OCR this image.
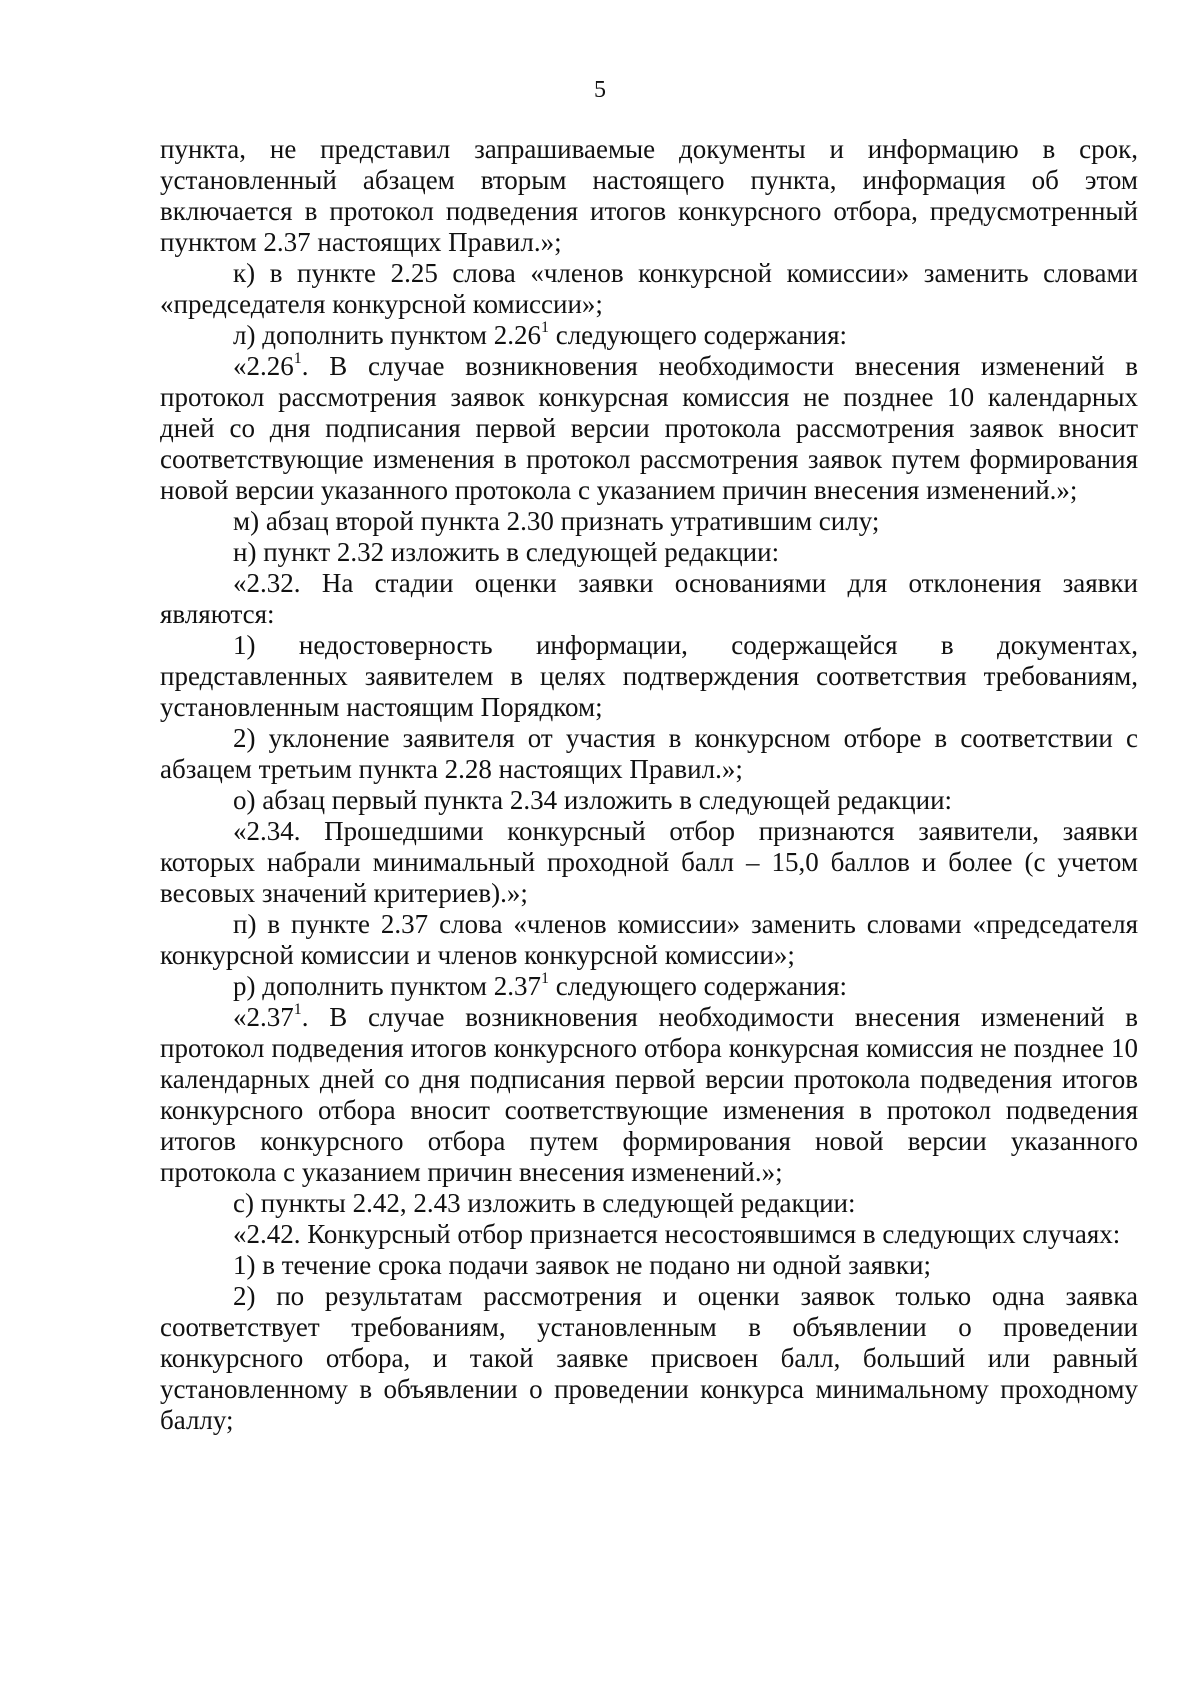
5

пункта, не представил запрашиваемые документы и информацию в срок, установленный абзацем вторым настоящего пункта, информация об этом включается в протокол подведения итогов конкурсного отбора, предусмотренный пунктом 2.37 настоящих Правил.»;

к) в пункте 2.25 слова «членов конкурсной комиссии» заменить словами «председателя конкурсной комиссии»;

л) дополнить пунктом 2.26$^1$ следующего содержания:

«2.26$^1$. В случае возникновения необходимости внесения изменений в протокол рассмотрения заявок конкурсная комиссия не позднее 10 календарных дней со дня подписания первой версии протокола рассмотрения заявок вносит соответствующие изменения в протокол рассмотрения заявок путем формирования новой версии указанного протокола с указанием причин внесения изменений.»;

м) абзац второй пункта 2.30 признать утратившим силу;

н) пункт 2.32 изложить в следующей редакции:

«2.32. На стадии оценки заявки основаниями для отклонения заявки являются:

1) недостоверность информации, содержащейся в документах, представленных заявителем в целях подтверждения соответствия требованиям, установленным настоящим Порядком;

2) уклонение заявителя от участия в конкурсном отборе в соответствии с абзацем третьим пункта 2.28 настоящих Правил.»;

о) абзац первый пункта 2.34 изложить в следующей редакции:

«2.34. Прошедшими конкурсный отбор признаются заявители, заявки которых набрали минимальный проходной балл – 15,0 баллов и более (с учетом весовых значений критериев).»;

п) в пункте 2.37 слова «членов комиссии» заменить словами «председателя конкурсной комиссии и членов конкурсной комиссии»;

р) дополнить пунктом 2.37$^1$ следующего содержания:

«2.37$^1$. В случае возникновения необходимости внесения изменений в протокол подведения итогов конкурсного отбора конкурсная комиссия не позднее 10 календарных дней со дня подписания первой версии протокола подведения итогов конкурсного отбора вносит соответствующие изменения в протокол подведения итогов конкурсного отбора путем формирования новой версии указанного протокола с указанием причин внесения изменений.»;

с) пункты 2.42, 2.43 изложить в следующей редакции:

«2.42. Конкурсный отбор признается несостоявшимся в следующих случаях:

1) в течение срока подачи заявок не подано ни одной заявки;

2) по результатам рассмотрения и оценки заявок только одна заявка соответствует требованиям, установленным в объявлении о проведении конкурсного отбора, и такой заявке присвоен балл, больший или равный установленному в объявлении о проведении конкурса минимальному проходному баллу;
